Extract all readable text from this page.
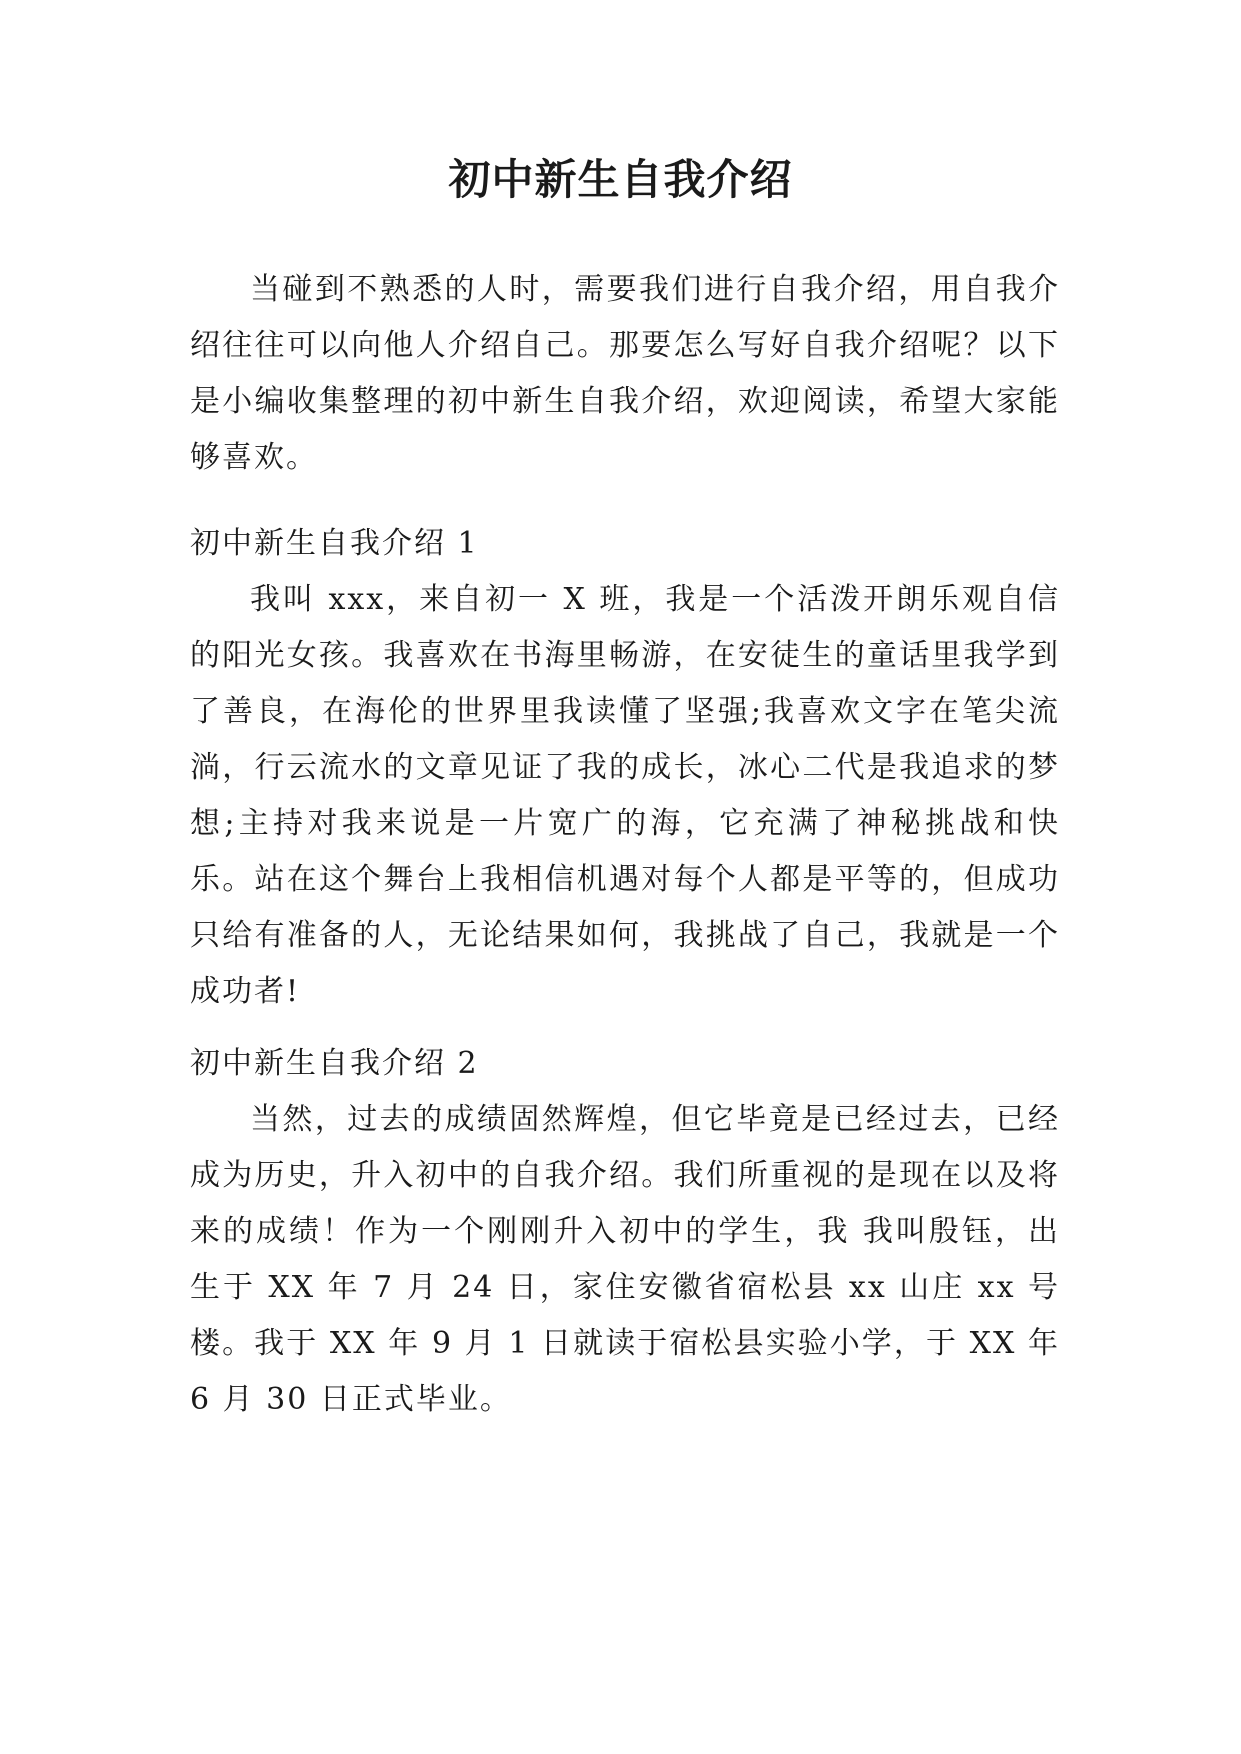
初中新生自我介绍

当碰到不熟悉的人时，需要我们进行自我介绍，用自我介绍往往可以向他人介绍自己。那要怎么写好自我介绍呢？以下是小编收集整理的初中新生自我介绍，欢迎阅读，希望大家能够喜欢。

初中新生自我介绍 1

我叫 xxx，来自初一 X 班，我是一个活泼开朗乐观自信的阳光女孩。我喜欢在书海里畅游，在安徒生的童话里我学到了善良，在海伦的世界里我读懂了坚强;我喜欢文字在笔尖流淌，行云流水的文章见证了我的成长，冰心二代是我追求的梦想;主持对我来说是一片宽广的海，它充满了神秘挑战和快乐。站在这个舞台上我相信机遇对每个人都是平等的，但成功只给有准备的人，无论结果如何，我挑战了自己，我就是一个成功者!

初中新生自我介绍 2

当然，过去的成绩固然辉煌，但它毕竟是已经过去，已经成为历史，升入初中的自我介绍。我们所重视的是现在以及将来的成绩！作为一个刚刚升入初中的学生，我 我叫殷钰，出生于 XX 年 7 月 24 日，家住安徽省宿松县 xx 山庄 xx 号楼。我于 XX 年 9 月 1 日就读于宿松县实验小学，于 XX 年 6 月 30 日正式毕业。
